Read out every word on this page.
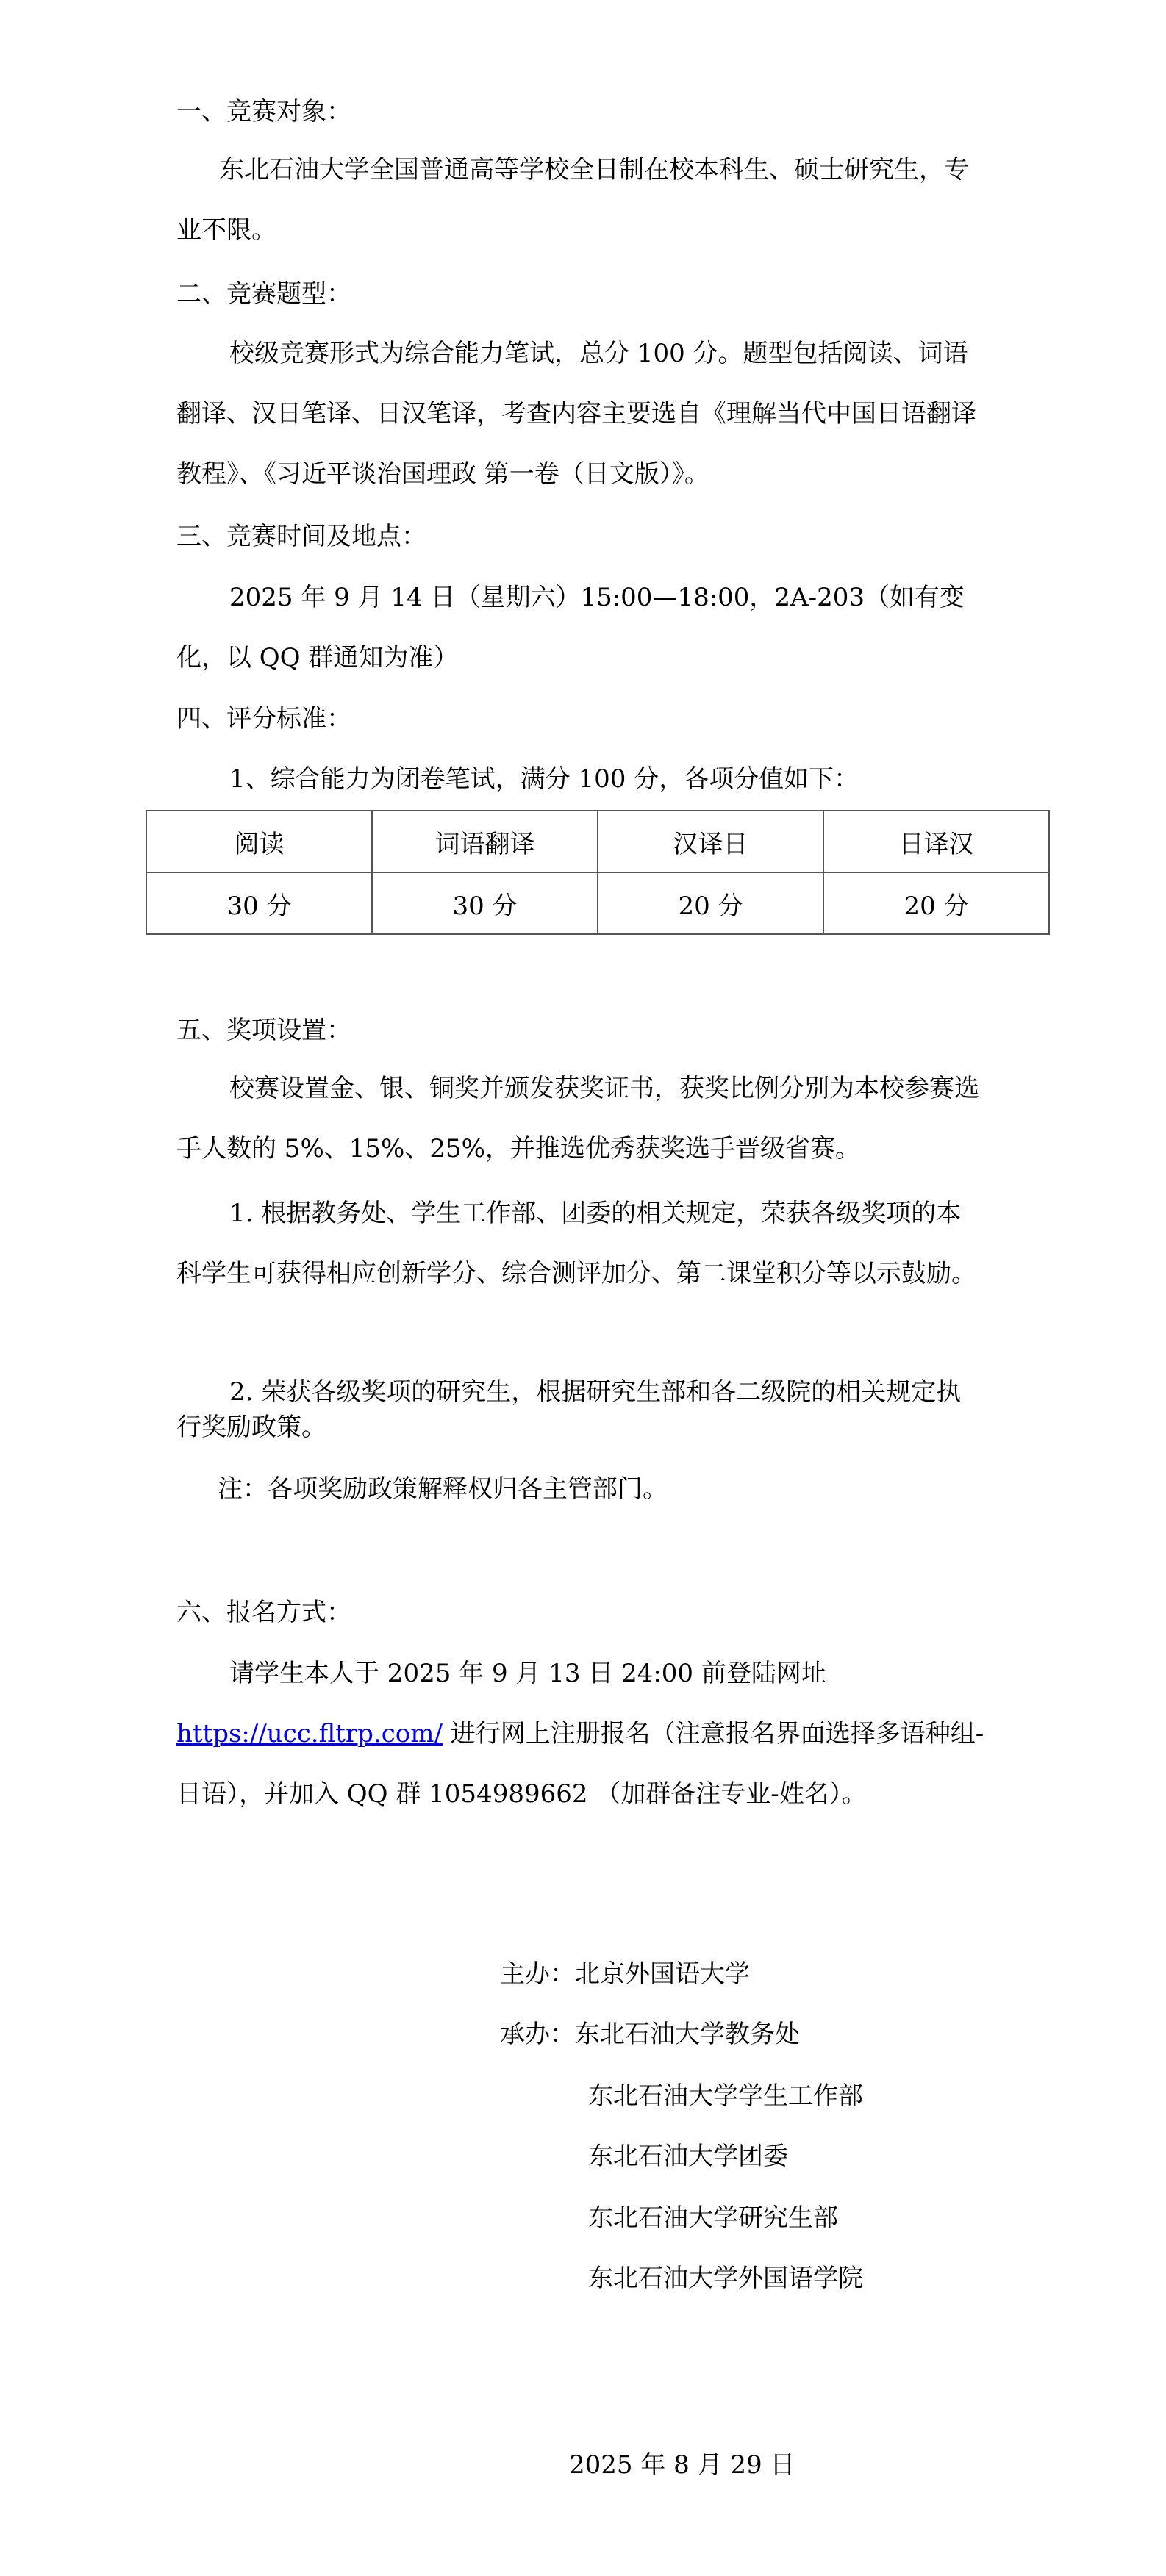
一、竞赛对象：
东北石油大学全国普通高等学校全日制在校本科生、硕士研究生，专业不限。
二、竞赛题型：
校级竞赛形式为综合能力笔试，总分 100 分。题型包括阅读、词语翻译、汉日笔译、日汉笔译，考查内容主要选自《理解当代中国日语翻译教程》、《习近平谈治国理政 第一卷（日文版）》。
三、竞赛时间及地点：
2025 年 9 月 14 日（星期六）15:00—18:00，2A-203（如有变化，以 QQ 群通知为准）
四、评分标准：
1、综合能力为闭卷笔试，满分 100 分，各项分值如下：
阅读	词语翻译	汉译日	日译汉
30 分	30 分	20 分	20 分
五、奖项设置：
校赛设置金、银、铜奖并颁发获奖证书，获奖比例分别为本校参赛选手人数的 5%、15%、25%，并推选优秀获奖选手晋级省赛。
1. 根据教务处、学生工作部、团委的相关规定，荣获各级奖项的本科学生可获得相应创新学分、综合测评加分、第二课堂积分等以示鼓励。
2. 荣获各级奖项的研究生，根据研究生部和各二级院的相关规定执行奖励政策。
注：各项奖励政策解释权归各主管部门。
六、报名方式：
请学生本人于 2025 年 9 月 13 日 24:00 前登陆网址 https://ucc.fltrp.com/ 进行网上注册报名（注意报名界面选择多语种组-日语），并加入 QQ 群 1054989662 （加群备注专业-姓名）。
主办：北京外国语大学
承办：东北石油大学教务处
东北石油大学学生工作部
东北石油大学团委
东北石油大学研究生部
东北石油大学外国语学院
2025 年 8 月 29 日
